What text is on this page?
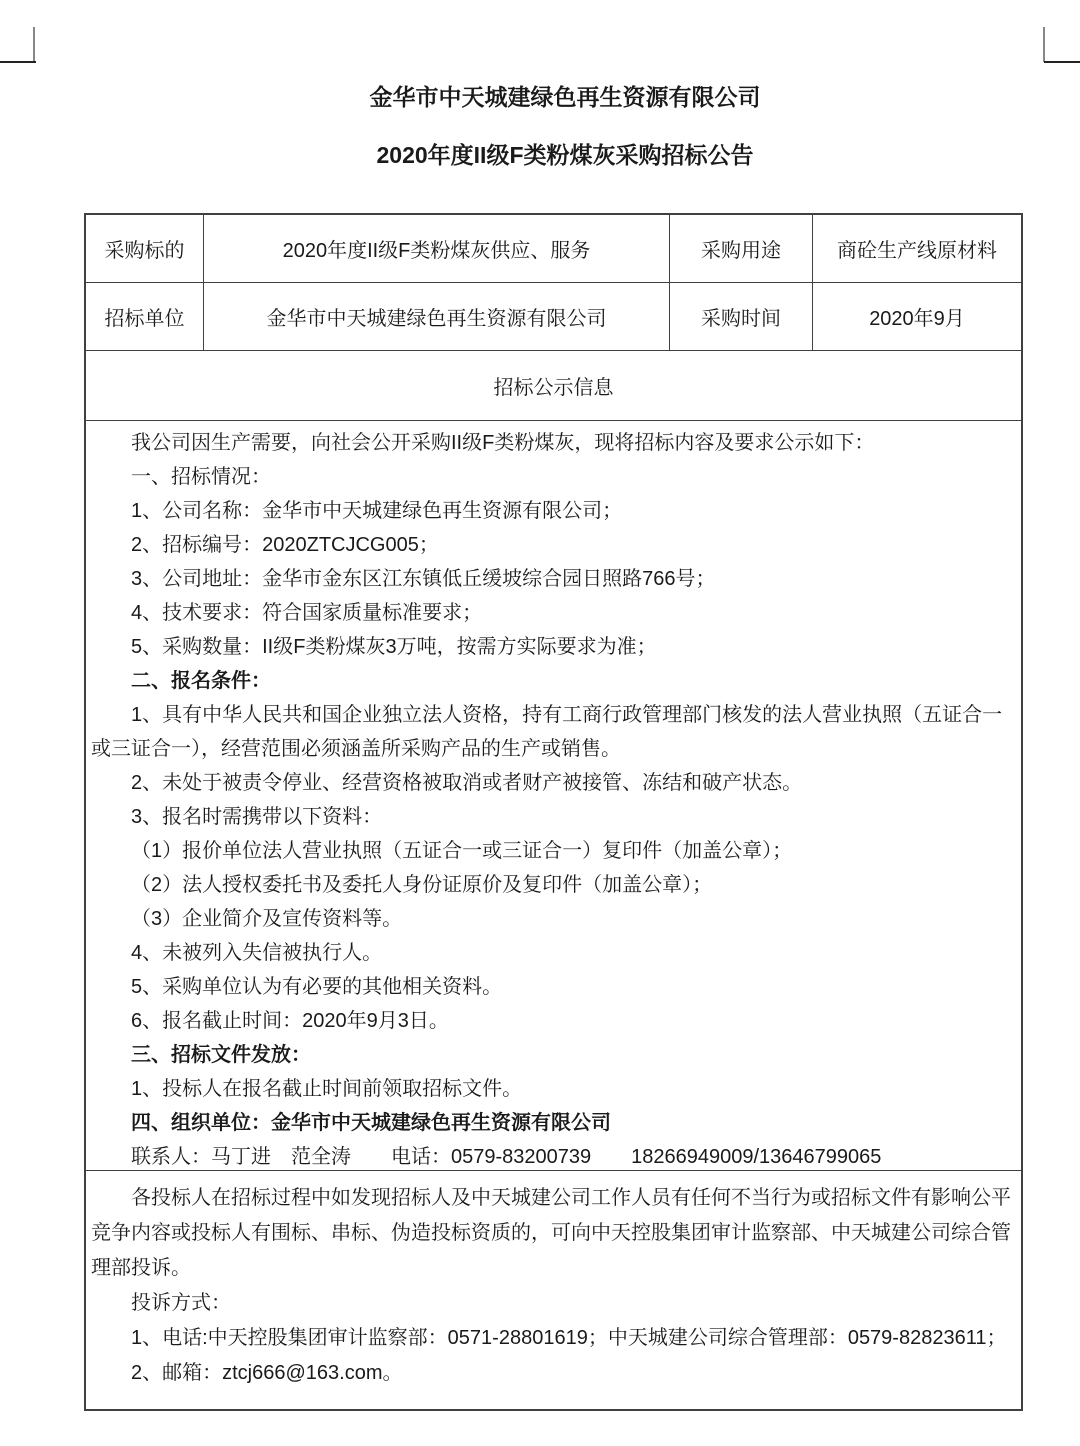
金华市中天城建绿色再生资源有限公司

2020年度II级F类粉煤灰采购招标公告

采购标的	2020年度II级F类粉煤灰供应、服务	采购用途	商砼生产线原材料
招标单位	金华市中天城建绿色再生资源有限公司	采购时间	2020年9月
招标公示信息

我公司因生产需要，向社会公开采购II级F类粉煤灰，现将招标内容及要求公示如下：

一、招标情况：

1、公司名称：金华市中天城建绿色再生资源有限公司；

2、招标编号：2020ZTCJCG005；

3、公司地址：金华市金东区江东镇低丘缓坡综合园日照路766号；

4、技术要求：符合国家质量标准要求；

5、采购数量：II级F类粉煤灰3万吨，按需方实际要求为准；

二、报名条件：

1、具有中华人民共和国企业独立法人资格，持有工商行政管理部门核发的法人营业执照（五证合一或三证合一），经营范围必须涵盖所采购产品的生产或销售。

2、未处于被责令停业、经营资格被取消或者财产被接管、冻结和破产状态。

3、报名时需携带以下资料：

（1）报价单位法人营业执照（五证合一或三证合一）复印件（加盖公章）；

（2）法人授权委托书及委托人身份证原价及复印件（加盖公章）；

（3）企业简介及宣传资料等。

4、未被列入失信被执行人。

5、采购单位认为有必要的其他相关资料。

6、报名截止时间：2020年9月3日。

三、招标文件发放：

1、投标人在报名截止时间前领取招标文件。

四、组织单位：金华市中天城建绿色再生资源有限公司

联系人：马丁进　范全涛　　电话：0579-83200739　　18266949009/13646799065

各投标人在招标过程中如发现招标人及中天城建公司工作人员有任何不当行为或招标文件有影响公平竞争内容或投标人有围标、串标、伪造投标资质的，可向中天控股集团审计监察部、中天城建公司综合管理部投诉。

投诉方式：

1、电话:中天控股集团审计监察部：0571-28801619；中天城建公司综合管理部：0579-82823611；

2、邮箱：ztcj666@163.com。
